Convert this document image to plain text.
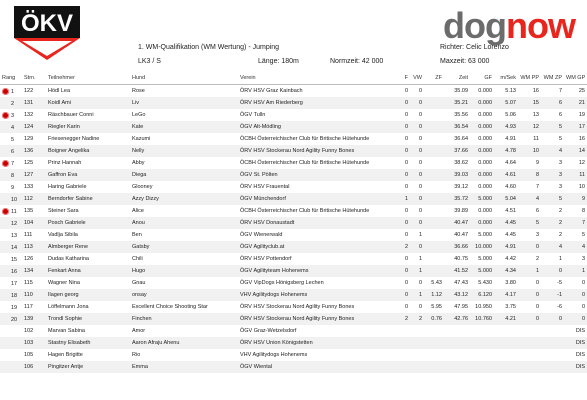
ÖKV	dognow
1. WM-Qualifikation (WM Wertung) - Jumping
LK3 / S	Länge: 180m	Normzeit: 42 000
Richter: Celic Lorenzo
Maxzeit: 63 000
Rang	Strn.	Teilnehmer	Hund	Verein	F	VW	ZF	Zeit	GF	m/Sek	WM PP	WM ZP	WM GP
1	122	Hödl Lea	Rose	ÖRV HSV Graz Kainbach	0	0		35.09	0.000	5.13	16	7	25
2	131	Koidl Ami	Liv	ÖRV HSV Am Riederberg	0	0		35.21	0.000	5.07	15	6	21
3	132	Räschbauer Conni	LeGo	ÖGV Tulln	0	0		35.56	0.000	5.06	13	6	19
4	124	Riegler Karin	Kate	ÖGV Alt-Mödling	0	0		36.54	0.000	4.93	12	5	17
5	129	Friesenegger Nadine	Kazumi	ÖCBH Österreichischer Club für Britische Hütehunde	0	0		36.64	0.000	4.91	11	5	16
6	136	Boigner Angelika	Nelly	ÖRV HSV Stockerau Nord Agility Funny Bones	0	0		37.66	0.000	4.78	10	4	14
7	125	Prinz Hannah	Abby	ÖCBH Österreichischer Club für Britische Hütehunde	0	0		38.62	0.000	4.64	9	3	12
8	127	Gaffron Eva	Diega	ÖGV St. Pölten	0	0		39.03	0.000	4.61	8	3	11
9	133	Haring Gabriele	Glooney	ÖRV HSV Frauental	0	0		39.12	0.000	4.60	7	3	10
10	112	Berndorfer Sabine	Azzy Dizzy	ÖGV Münchendorf	1	0		35.72	5.000	5.04	4	5	9
11	135	Steiner Sara	Alice	ÖCBH Österreichischer Club für Britische Hütehunde	0	0		39.89	0.000	4.51	6	2	8
12	104	Posch Gabriele	Anou	ÖRV HSV Donaustadt	0	0		40.47	0.000	4.45	5	2	7
13	111	Vadlja Sibila	Ben	ÖGV Wienerwald	0	1		40.47	5.000	4.45	3	2	5
14	113	Almberger Rene	Gatsby	ÖGV Agilityclub.at	2	0		36.66	10.000	4.91	0	4	4
15	126	Dudas Katharina	Chili	ÖRV HSV Pottendorf	0	1		40.75	5.000	4.42	2	1	3
16	134	Fenkart Anna	Hugo	ÖGV Agilityteam Hohenems	0	1		41.52	5.000	4.34	1	0	1
17	115	Wagner Nina	Gnau	ÖGV VipDogs Hönigsberg Lechen	0	0	5.43	47.43	5.430	3.80	0	-5	0
18	110	Ilagen georg	onsay	VHV Agilitydogs Hohenems	0	1	1.12	43.12	6.120	4.17	0	-1	0
19	117	Löffelmann Jona	Excellent Choice Shooting Star	ÖRV HSV Stockerau Nord Agility Funny Bones	0	0	5.95	47.95	10.950	3.75	0	-6	0
20	139	Trondl Sophie	Finchen	ÖRV HSV Stockerau Nord Agility Funny Bones	2	2	0.76	42.76	10.760	4.21	0	0	0
	102	Marvan Sabina	Amor	ÖGV Graz-Wetzelsdorf									DIS
	103	Stastny Elisabeth	Aaron Afraju Ahenu	ÖRV HSV Union Königstetten									DIS
	105	Hagen Brigitte	Rio	VHV Agilitydogs Hohenems									DIS
	106	Pingitzer Antje	Emma	ÖGV Wiental									DIS
